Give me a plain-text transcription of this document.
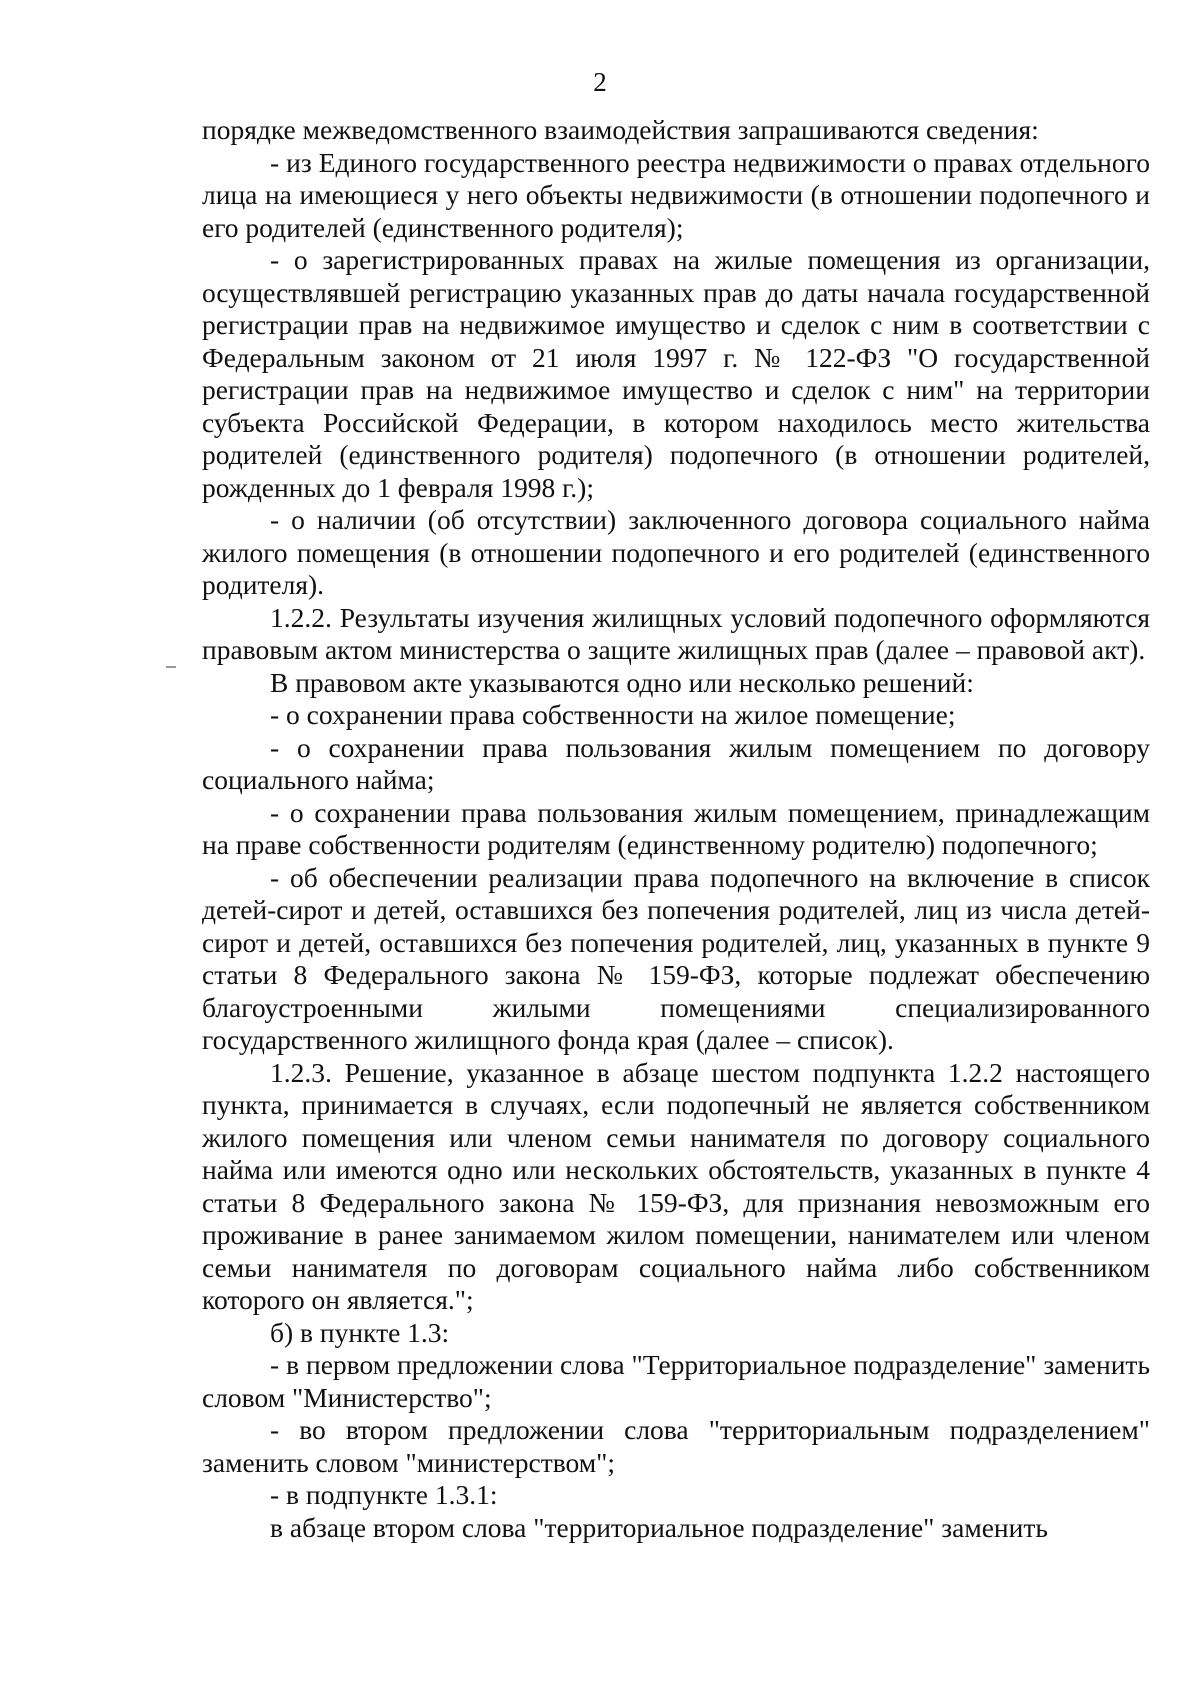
2

порядке межведомственного взаимодействия запрашиваются сведения:

- из Единого государственного реестра недвижимости о правах отдельного лица на имеющиеся у него объекты недвижимости (в отношении подопечного и его родителей (единственного родителя);

- о зарегистрированных правах на жилые помещения из организации, осуществлявшей регистрацию указанных прав до даты начала государственной регистрации прав на недвижимое имущество и сделок с ним в соответствии с Федеральным законом от 21 июля 1997 г. № 122-ФЗ "О государственной регистрации прав на недвижимое имущество и сделок с ним" на территории субъекта Российской Федерации, в котором находилось место жительства родителей (единственного родителя) подопечного (в отношении родителей, рожденных до 1 февраля 1998 г.);

- о наличии (об отсутствии) заключенного договора социального найма жилого помещения (в отношении подопечного и его родителей (единственного родителя).

1.2.2. Результаты изучения жилищных условий подопечного оформляются правовым актом министерства о защите жилищных прав (далее – правовой акт).

В правовом акте указываются одно или несколько решений:

- о сохранении права собственности на жилое помещение;

- о сохранении права пользования жилым помещением по договору социального найма;

- о сохранении права пользования жилым помещением, принадлежащим на праве собственности родителям (единственному родителю) подопечного;

- об обеспечении реализации права подопечного на включение в список детей-сирот и детей, оставшихся без попечения родителей, лиц из числа детей-сирот и детей, оставшихся без попечения родителей, лиц, указанных в пункте 9 статьи 8 Федерального закона № 159-ФЗ, которые подлежат обеспечению благоустроенными жилыми помещениями специализированного государственного жилищного фонда края (далее – список).

1.2.3. Решение, указанное в абзаце шестом подпункта 1.2.2 настоящего пункта, принимается в случаях, если подопечный не является собственником жилого помещения или членом семьи нанимателя по договору социального найма или имеются одно или нескольких обстоятельств, указанных в пункте 4 статьи 8 Федерального закона № 159-ФЗ, для признания невозможным его проживание в ранее занимаемом жилом помещении, нанимателем или членом семьи нанимателя по договорам социального найма либо собственником которого он является.";

б) в пункте 1.3:

- в первом предложении слова "Территориальное подразделение" заменить словом "Министерство";

- во втором предложении слова "территориальным подразделением" заменить словом "министерством";

- в подпункте 1.3.1:

в абзаце втором слова "территориальное подразделение" заменить
